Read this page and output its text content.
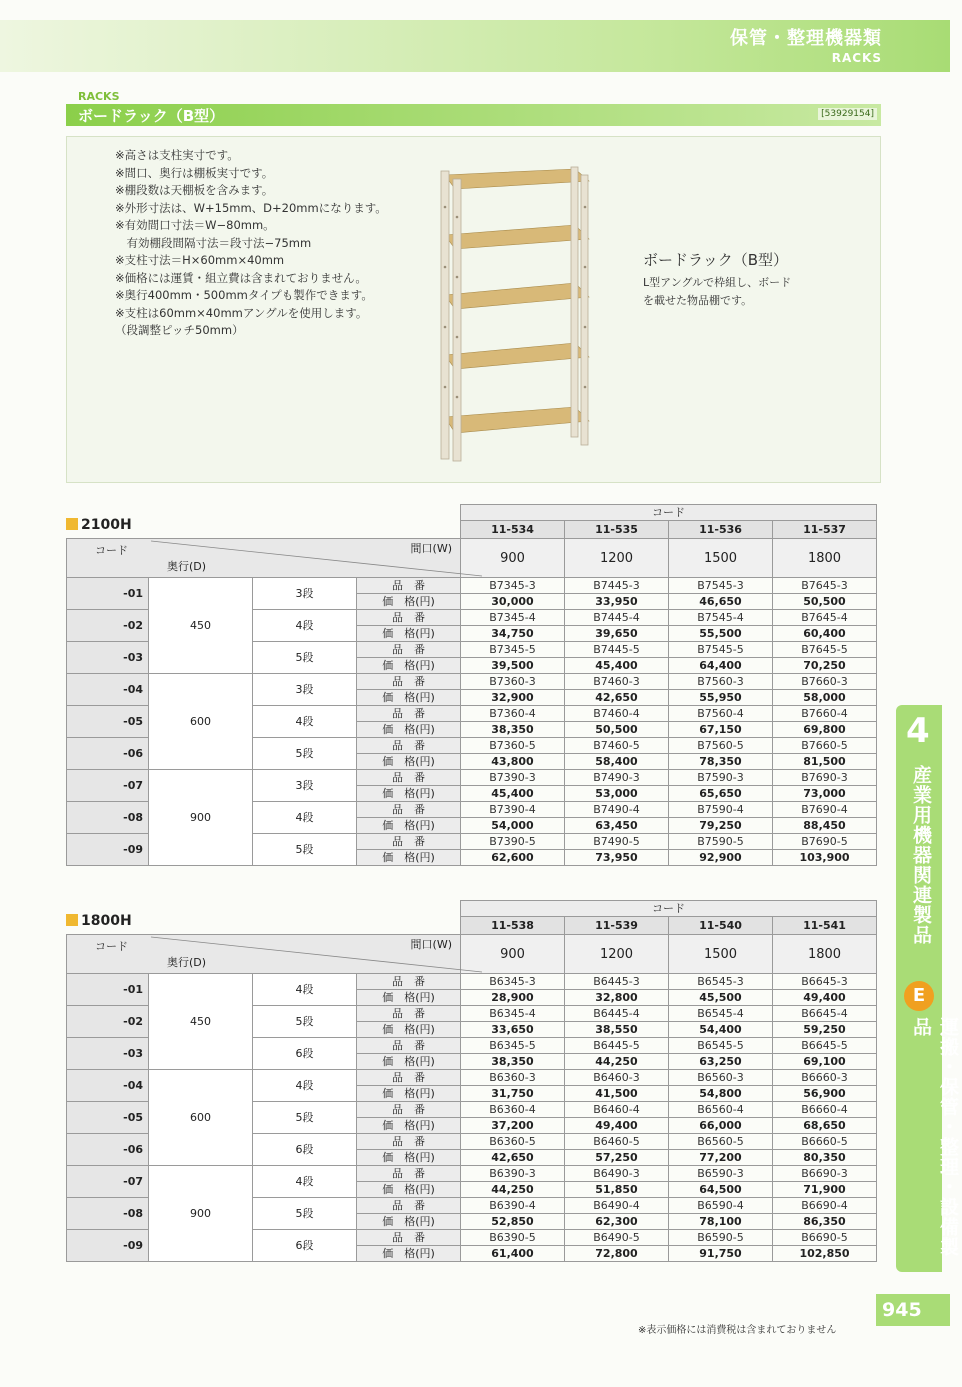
保管・整理機器類
RACKS
RACKS
ボードラック（B型）	[53929154]
※高さは支柱実寸です。
※間口、奥行は棚板実寸です。
※棚段数は天棚板を含みます。
※外形寸法は、W+15mm、D+20mmになります。
※有効間口寸法＝W−80mm。
　有効棚段間隔寸法＝段寸法−75mm
※支柱寸法＝H×60mm×40mm
※価格には運賃・組立費は含まれておりません。
※奥行400mm・500mmタイプも製作できます。
※支柱は60mm×40mmアングルを使用します。
（段調整ピッチ50mm）
ボードラック（B型）
L型アングルで枠組し、ボード
を載せた物品棚です。
2100H
				コード			
				11-534	11-535	11-536	11-537

間口(W)
コード
奥行(D)				900	1200	1500	1800
-01	450	3段	品　番	B7345-3	B7445-3	B7545-3	B7645-3
			価　格(円)	30,000	33,950	46,650	50,500
-02		4段	品　番	B7345-4	B7445-4	B7545-4	B7645-4
			価　格(円)	34,750	39,650	55,500	60,400
-03		5段	品　番	B7345-5	B7445-5	B7545-5	B7645-5
			価　格(円)	39,500	45,400	64,400	70,250
-04	600	3段	品　番	B7360-3	B7460-3	B7560-3	B7660-3
			価　格(円)	32,900	42,650	55,950	58,000
-05		4段	品　番	B7360-4	B7460-4	B7560-4	B7660-4
			価　格(円)	38,350	50,500	67,150	69,800
-06		5段	品　番	B7360-5	B7460-5	B7560-5	B7660-5
			価　格(円)	43,800	58,400	78,350	81,500
-07	900	3段	品　番	B7390-3	B7490-3	B7590-3	B7690-3
			価　格(円)	45,400	53,000	65,650	73,000
-08		4段	品　番	B7390-4	B7490-4	B7590-4	B7690-4
			価　格(円)	54,000	63,450	79,250	88,450
-09		5段	品　番	B7390-5	B7490-5	B7590-5	B7690-5
			価　格(円)	62,600	73,950	92,900	103,900
1800H
				コード			
				11-538	11-539	11-540	11-541

間口(W)
コード
奥行(D)				900	1200	1500	1800
-01	450	4段	品　番	B6345-3	B6445-3	B6545-3	B6645-3
			価　格(円)	28,900	32,800	45,500	49,400
-02		5段	品　番	B6345-4	B6445-4	B6545-4	B6645-4
			価　格(円)	33,650	38,550	54,400	59,250
-03		6段	品　番	B6345-5	B6445-5	B6545-5	B6645-5
			価　格(円)	38,350	44,250	63,250	69,100
-04	600	4段	品　番	B6360-3	B6460-3	B6560-3	B6660-3
			価　格(円)	31,750	41,500	54,800	56,900
-05		5段	品　番	B6360-4	B6460-4	B6560-4	B6660-4
			価　格(円)	37,200	49,400	66,000	68,650
-06		6段	品　番	B6360-5	B6460-5	B6560-5	B6660-5
			価　格(円)	42,650	57,250	77,200	80,350
-07	900	4段	品　番	B6390-3	B6490-3	B6590-3	B6690-3
			価　格(円)	44,250	51,850	64,500	71,900
-08		5段	品　番	B6390-4	B6490-4	B6590-4	B6690-4
			価　格(円)	52,850	62,300	78,100	86,350
-09		6段	品　番	B6390-5	B6490-5	B6590-5	B6690-5
			価　格(円)	61,400	72,800	91,750	102,850
4
産業用機器関連製品
E
運搬・保管・整理・設備製品
945
※表示価格には消費税は含まれておりません
